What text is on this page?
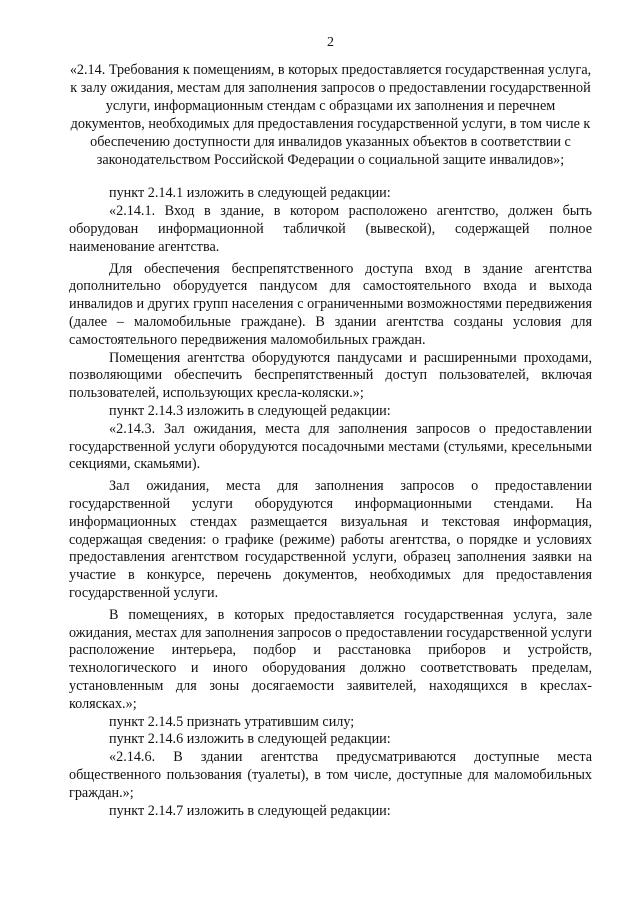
2
«2.14. Требования к помещениям, в которых предоставляется государственная услуга, к залу ожидания, местам для заполнения запросов о предоставлении государственной услуги, информационным стендам с образцами их заполнения и перечнем документов, необходимых для предоставления государственной услуги, в том числе к обеспечению доступности для инвалидов указанных объектов в соответствии с законодательством Российской Федерации о социальной защите инвалидов»;

пункт 2.14.1 изложить в следующей редакции:

«2.14.1. Вход в здание, в котором расположено агентство, должен быть оборудован информационной табличкой (вывеской), содержащей полное наименование агентства.

Для обеспечения беспрепятственного доступа вход в здание агентства дополнительно оборудуется пандусом для самостоятельного входа и выхода инвалидов и других групп населения с ограниченными возможностями передвижения (далее – маломобильные граждане). В здании агентства созданы условия для самостоятельного передвижения маломобильных граждан.

Помещения агентства оборудуются пандусами и расширенными проходами, позволяющими обеспечить беспрепятственный доступ пользователей, включая пользователей, использующих кресла-коляски.»;

пункт 2.14.3 изложить в следующей редакции:

«2.14.3. Зал ожидания, места для заполнения запросов о предоставлении государственной услуги оборудуются посадочными местами (стульями, кресельными секциями, скамьями).

Зал ожидания, места для заполнения запросов о предоставлении государственной услуги оборудуются информационными стендами. На информационных стендах размещается визуальная и текстовая информация, содержащая сведения: о графике (режиме) работы агентства, о порядке и условиях предоставления агентством государственной услуги, образец заполнения заявки на участие в конкурсе, перечень документов, необходимых для предоставления государственной услуги.

В помещениях, в которых предоставляется государственная услуга, зале ожидания, местах для заполнения запросов о предоставлении государственной услуги расположение интерьера, подбор и расстановка приборов и устройств, технологического и иного оборудования должно соответствовать пределам, установленным для зоны досягаемости заявителей, находящихся в креслах-колясках.»;

пункт 2.14.5 признать утратившим силу;

пункт 2.14.6 изложить в следующей редакции:

«2.14.6. В здании агентства предусматриваются доступные места общественного пользования (туалеты), в том числе, доступные для маломобильных граждан.»;

пункт 2.14.7 изложить в следующей редакции:
